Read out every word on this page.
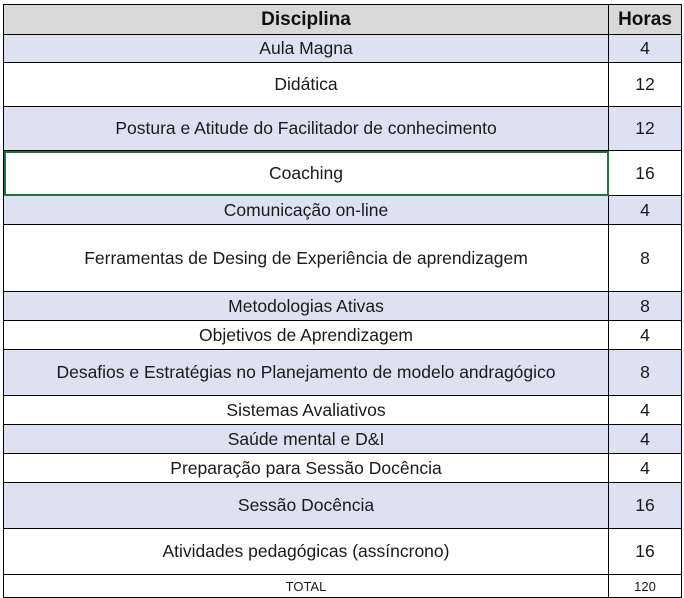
Disciplina	Horas
Aula Magna	4
Didática	12
Postura e Atitude do Facilitador de conhecimento	12
Coaching	16
Comunicação on-line	4
Ferramentas de Desing de Experiência de aprendizagem	8
Metodologias Ativas	8
Objetivos de Aprendizagem	4
Desafios e Estratégias no Planejamento de modelo andragógico	8
Sistemas Avaliativos	4
Saúde mental e D&I	4
Preparação para Sessão Docência	4
Sessão Docência	16
Atividades pedagógicas (assíncrono)	16
TOTAL	120
